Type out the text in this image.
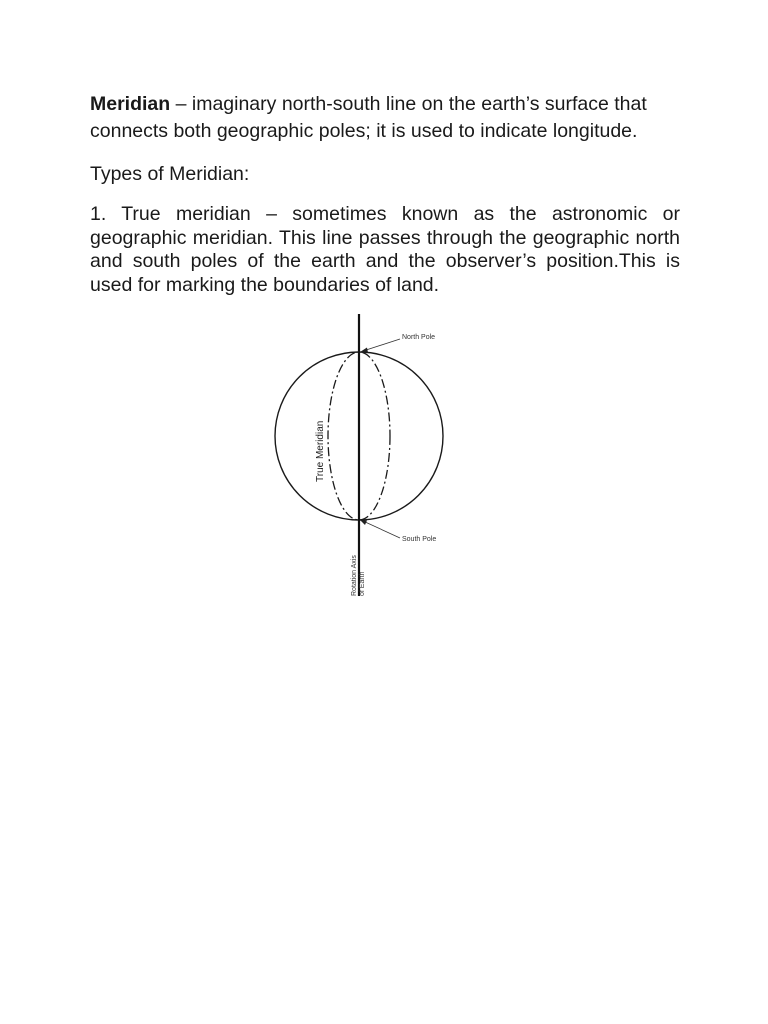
Meridian – imaginary north-south line on the earth’s surface that connects both geographic poles; it is used to indicate longitude.

Types of Meridian:

1. True meridian – sometimes known as the astronomic or geographic meridian. This line passes through the geographic north and south poles of the earth and the observer’s position.This is used for marking the boundaries of land.

North Pole
South Pole
True Meridian
Rotation Axis of Earth
